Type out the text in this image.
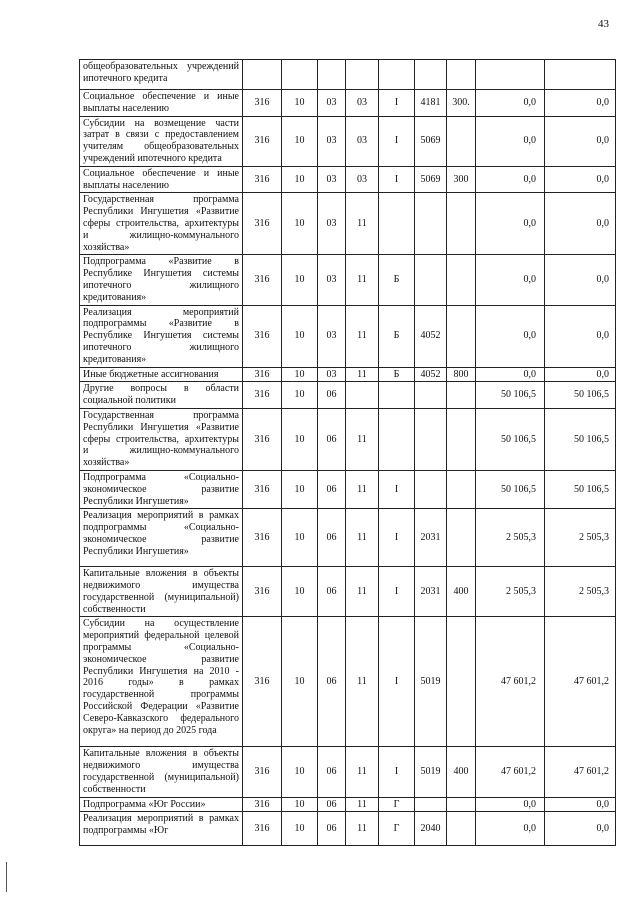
43
общеобразовательных учреждений ипотечного кредита									
Социальное обеспечение и иные выплаты населению	316	10	03	03	I	4181	300.	0,0	0,0
Субсидии на возмещение части затрат в связи с предоставлением учителям общеобразовательных учреждений ипотечного кредита	316	10	03	03	I	5069		0,0	0,0
Социальное обеспечение и иные выплаты населению	316	10	03	03	I	5069	300	0,0	0,0
Государственная программа Республики Ингушетия «Развитие сферы строительства, архитектуры и жилищно-коммунального хозяйства»	316	10	03	11				0,0	0,0
Подпрограмма «Развитие в Республике Ингушетия системы ипотечного жилищного кредитования»	316	10	03	11	Б			0,0	0,0
Реализация мероприятий подпрограммы «Развитие в Республике Ингушетия системы ипотечного жилищного кредитования»	316	10	03	11	Б	4052		0,0	0,0
Иные бюджетные ассигнования	316	10	03	11	Б	4052	800	0,0	0,0
Другие вопросы в области социальной политики	316	10	06					50 106,5	50 106,5
Государственная программа Республики Ингушетия «Развитие сферы строительства, архитектуры и жилищно-коммунального хозяйства»	316	10	06	11				50 106,5	50 106,5
Подпрограмма «Социально-экономическое развитие Республики Ингушетия»	316	10	06	11	I			50 106,5	50 106,5
Реализация мероприятий в рамках подпрограммы «Социально-экономическое развитие Республики Ингушетия»	316	10	06	11	I	2031		2 505,3	2 505,3
Капитальные вложения в объекты недвижимого имущества государственной (муниципальной) собственности	316	10	06	11	I	2031	400	2 505,3	2 505,3
Субсидии на осуществление мероприятий федеральной целевой программы «Социально-экономическое развитие Республики Ингушетия на 2010 - 2016 годы» в рамках государственной программы Российской Федерации «Развитие Северо-Кавказского федерального округа» на период до 2025 года	316	10	06	11	I	5019		47 601,2	47 601,2
Капитальные вложения в объекты недвижимого имущества государственной (муниципальной) собственности	316	10	06	11	I	5019	400	47 601,2	47 601,2
Подпрограмма «Юг России»	316	10	06	11	Г			0,0	0,0
Реализация мероприятий в рамках подпрограммы «Юг	316	10	06	11	Г	2040		0,0	0,0
